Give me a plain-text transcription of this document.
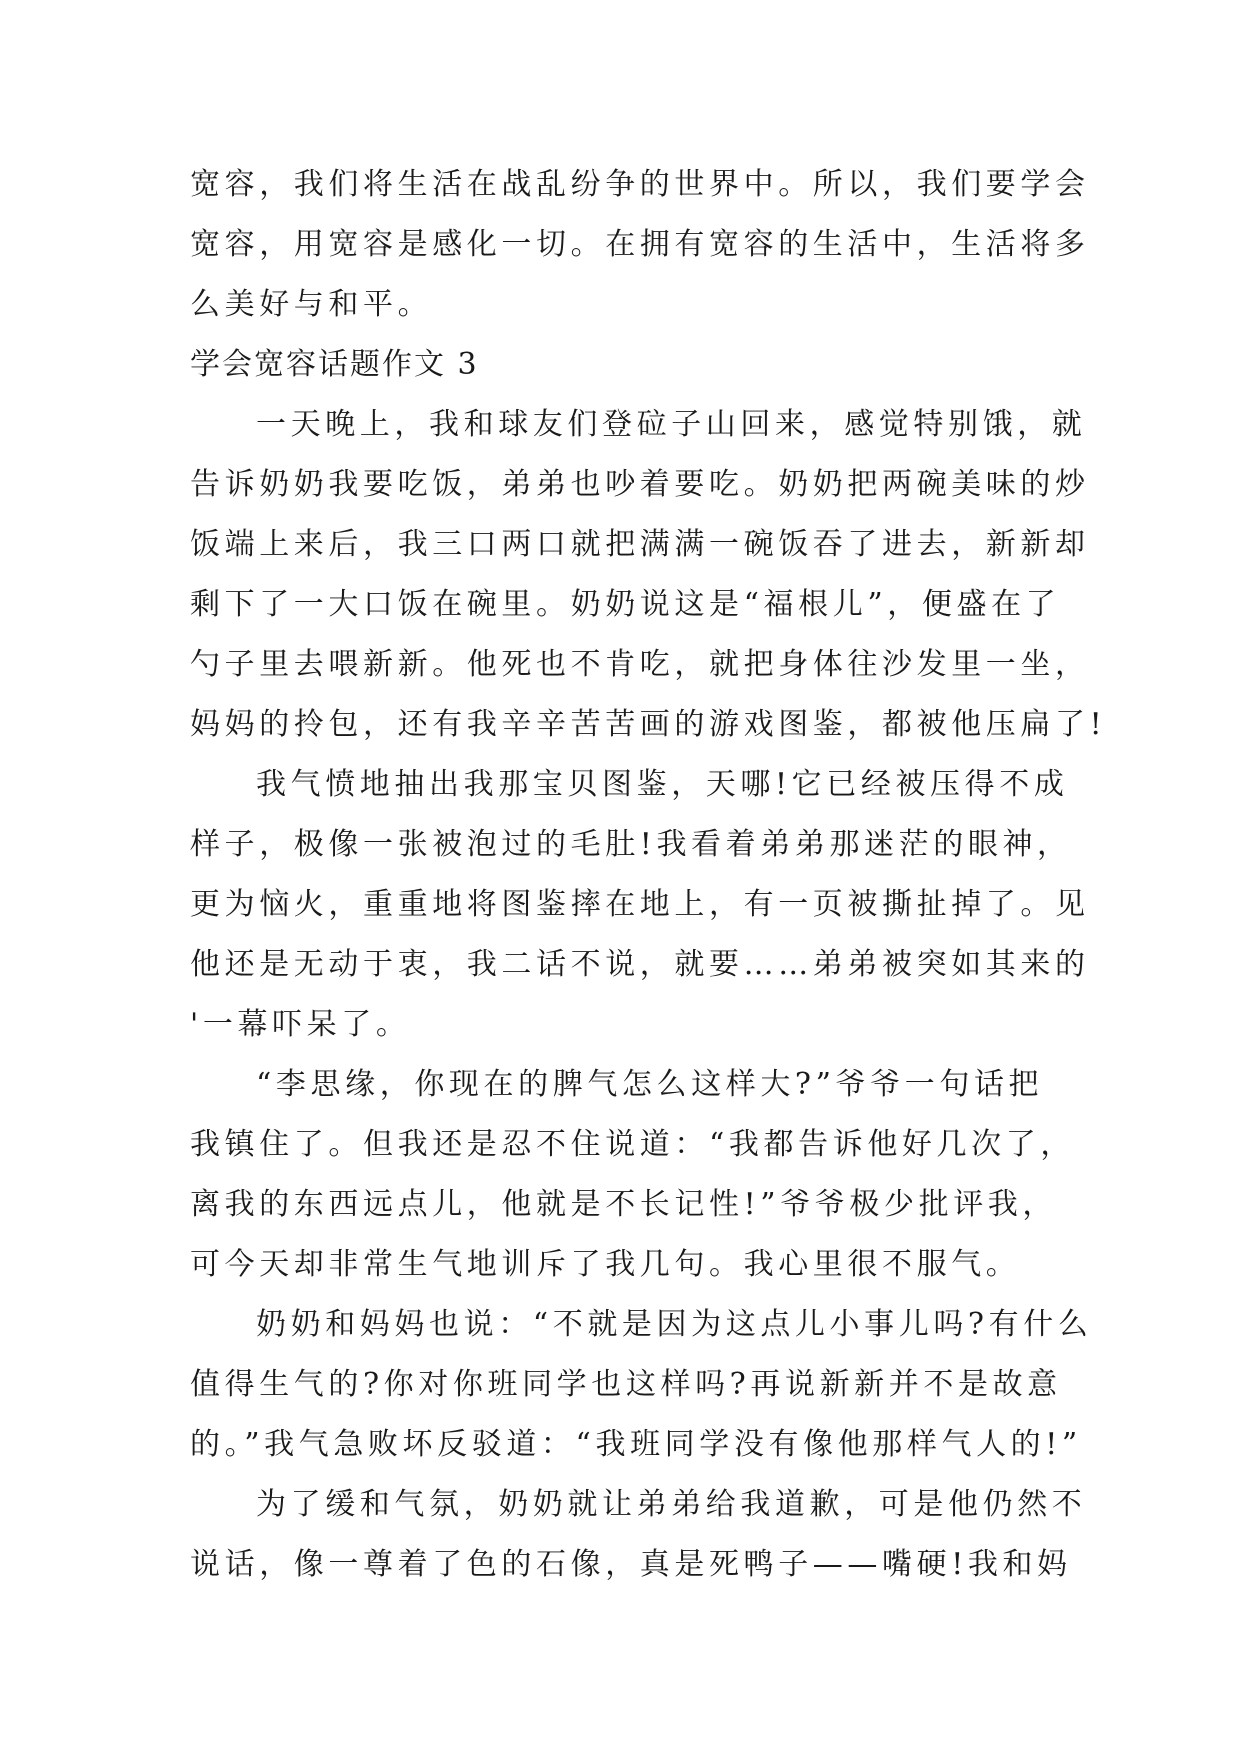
宽容，我们将生活在战乱纷争的世界中。所以，我们要学会
宽容，用宽容是感化一切。在拥有宽容的生活中，生活将多
么美好与和平。
学会宽容话题作文 3
一天晚上，我和球友们登砬子山回来，感觉特别饿，就
告诉奶奶我要吃饭，弟弟也吵着要吃。奶奶把两碗美味的炒
饭端上来后，我三口两口就把满满一碗饭吞了进去，新新却
剩下了一大口饭在碗里。奶奶说这是“福根儿”，便盛在了
勺子里去喂新新。他死也不肯吃，就把身体往沙发里一坐，
妈妈的拎包，还有我辛辛苦苦画的游戏图鉴，都被他压扁了!
我气愤地抽出我那宝贝图鉴，天哪!它已经被压得不成
样子，极像一张被泡过的毛肚!我看着弟弟那迷茫的眼神，
更为恼火，重重地将图鉴摔在地上，有一页被撕扯掉了。见
他还是无动于衷，我二话不说，就要……弟弟被突如其来的
'一幕吓呆了。
“李思缘，你现在的脾气怎么这样大?”爷爷一句话把
我镇住了。但我还是忍不住说道：“我都告诉他好几次了，
离我的东西远点儿，他就是不长记性!”爷爷极少批评我，
可今天却非常生气地训斥了我几句。我心里很不服气。
奶奶和妈妈也说：“不就是因为这点儿小事儿吗?有什么
值得生气的?你对你班同学也这样吗?再说新新并不是故意
的。”我气急败坏反驳道：“我班同学没有像他那样气人的!”
为了缓和气氛，奶奶就让弟弟给我道歉，可是他仍然不
说话，像一尊着了色的石像，真是死鸭子——嘴硬!我和妈
